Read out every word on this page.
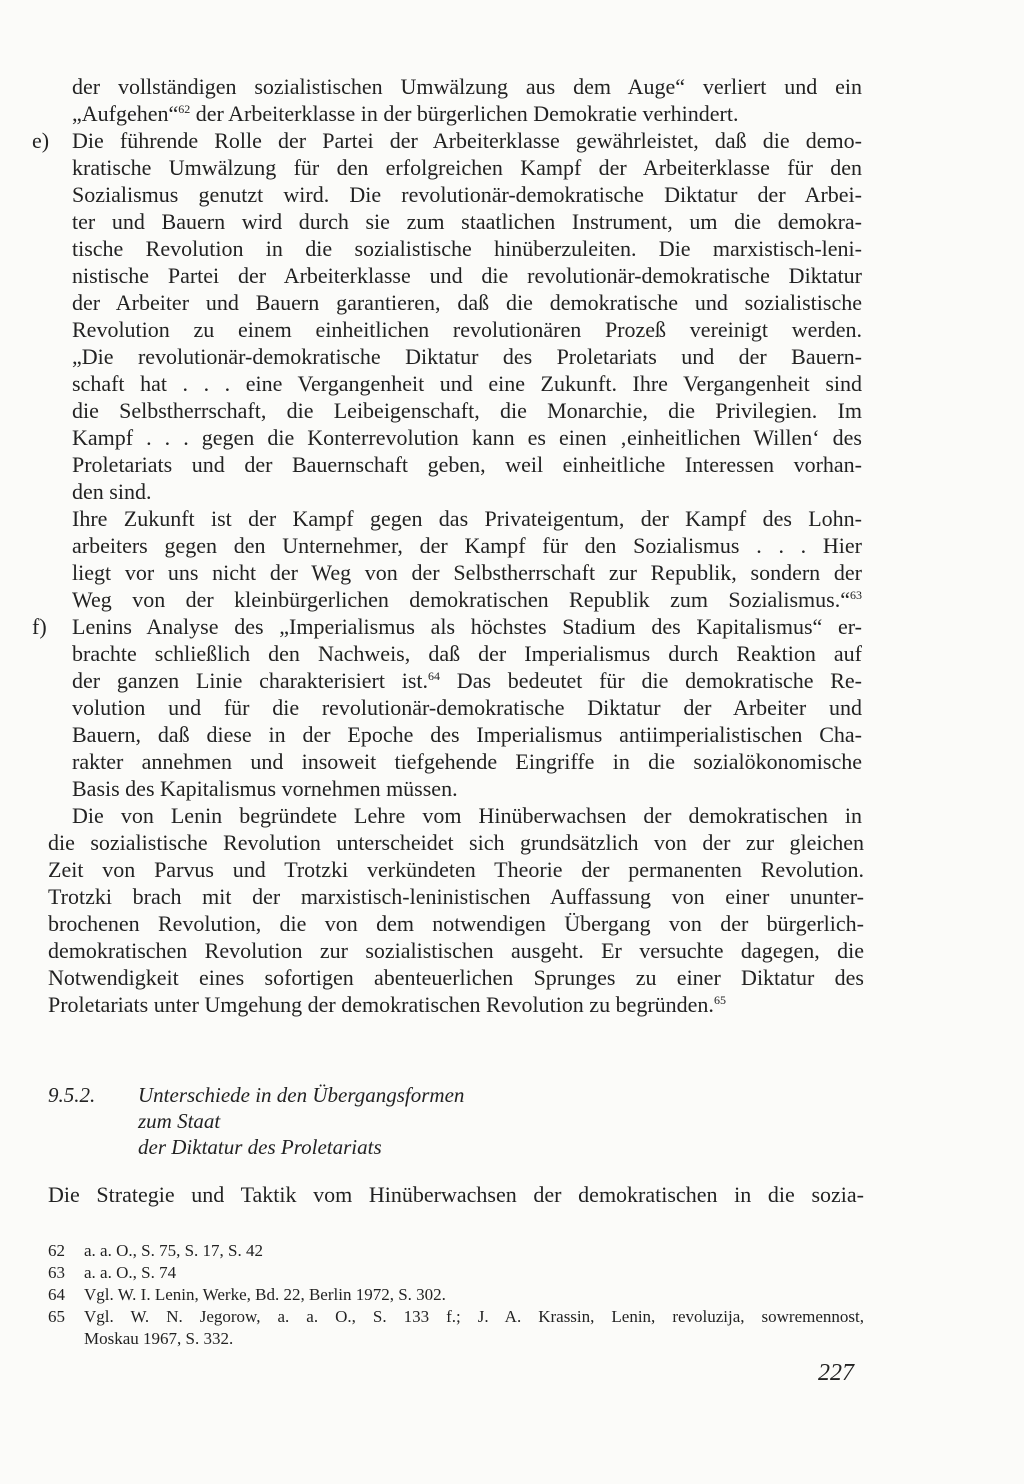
der vollständigen sozialistischen Umwälzung aus dem Auge“ verliert und ein
„Aufgehen“$^{62}$ der Arbeiterklasse in der bürgerlichen Demokratie verhindert.
e) Die führende Rolle der Partei der Arbeiterklasse gewährleistet, daß die demo-
kratische Umwälzung für den erfolgreichen Kampf der Arbeiterklasse für den
Sozialismus genutzt wird. Die revolutionär-demokratische Diktatur der Arbei-
ter und Bauern wird durch sie zum staatlichen Instrument, um die demokra-
tische Revolution in die sozialistische hinüberzuleiten. Die marxistisch-leni-
nistische Partei der Arbeiterklasse und die revolutionär-demokratische Diktatur
der Arbeiter und Bauern garantieren, daß die demokratische und sozialistische
Revolution zu einem einheitlichen revolutionären Prozeß vereinigt werden.
„Die revolutionär-demokratische Diktatur des Proletariats und der Bauern-
schaft hat . . . eine Vergangenheit und eine Zukunft. Ihre Vergangenheit sind
die Selbstherrschaft, die Leibeigenschaft, die Monarchie, die Privilegien. Im
Kampf . . . gegen die Konterrevolution kann es einen ‚einheitlichen Willen‘ des
Proletariats und der Bauernschaft geben, weil einheitliche Interessen vorhan-
den sind.
Ihre Zukunft ist der Kampf gegen das Privateigentum, der Kampf des Lohn-
arbeiters gegen den Unternehmer, der Kampf für den Sozialismus . . . Hier
liegt vor uns nicht der Weg von der Selbstherrschaft zur Republik, sondern der
Weg von der kleinbürgerlichen demokratischen Republik zum Sozialismus.“$^{63}$
f) Lenins Analyse des „Imperialismus als höchstes Stadium des Kapitalismus“ er-
brachte schließlich den Nachweis, daß der Imperialismus durch Reaktion auf
der ganzen Linie charakterisiert ist.$^{64}$ Das bedeutet für die demokratische Re-
volution und für die revolutionär-demokratische Diktatur der Arbeiter und
Bauern, daß diese in der Epoche des Imperialismus antiimperialistischen Cha-
rakter annehmen und insoweit tiefgehende Eingriffe in die sozialökonomische
Basis des Kapitalismus vornehmen müssen.
Die von Lenin begründete Lehre vom Hinüberwachsen der demokratischen in
die sozialistische Revolution unterscheidet sich grundsätzlich von der zur gleichen
Zeit von Parvus und Trotzki verkündeten Theorie der permanenten Revolution.
Trotzki brach mit der marxistisch-leninistischen Auffassung von einer ununter-
brochenen Revolution, die von dem notwendigen Übergang von der bürgerlich-
demokratischen Revolution zur sozialistischen ausgeht. Er versuchte dagegen, die
Notwendigkeit eines sofortigen abenteuerlichen Sprunges zu einer Diktatur des
Proletariats unter Umgehung der demokratischen Revolution zu begründen.$^{65}$
9.5.2. Unterschiede in den Übergangsformen
zum Staat
der Diktatur des Proletariats
Die Strategie und Taktik vom Hinüberwachsen der demokratischen in die sozia-
62 a. a. O., S. 75, S. 17, S. 42
63 a. a. O., S. 74
64 Vgl. W. I. Lenin, Werke, Bd. 22, Berlin 1972, S. 302.
65 Vgl. W. N. Jegorow, a. a. O., S. 133 f.; J. A. Krassin, Lenin, revoluzija, sowremennost,
Moskau 1967, S. 332.
227
